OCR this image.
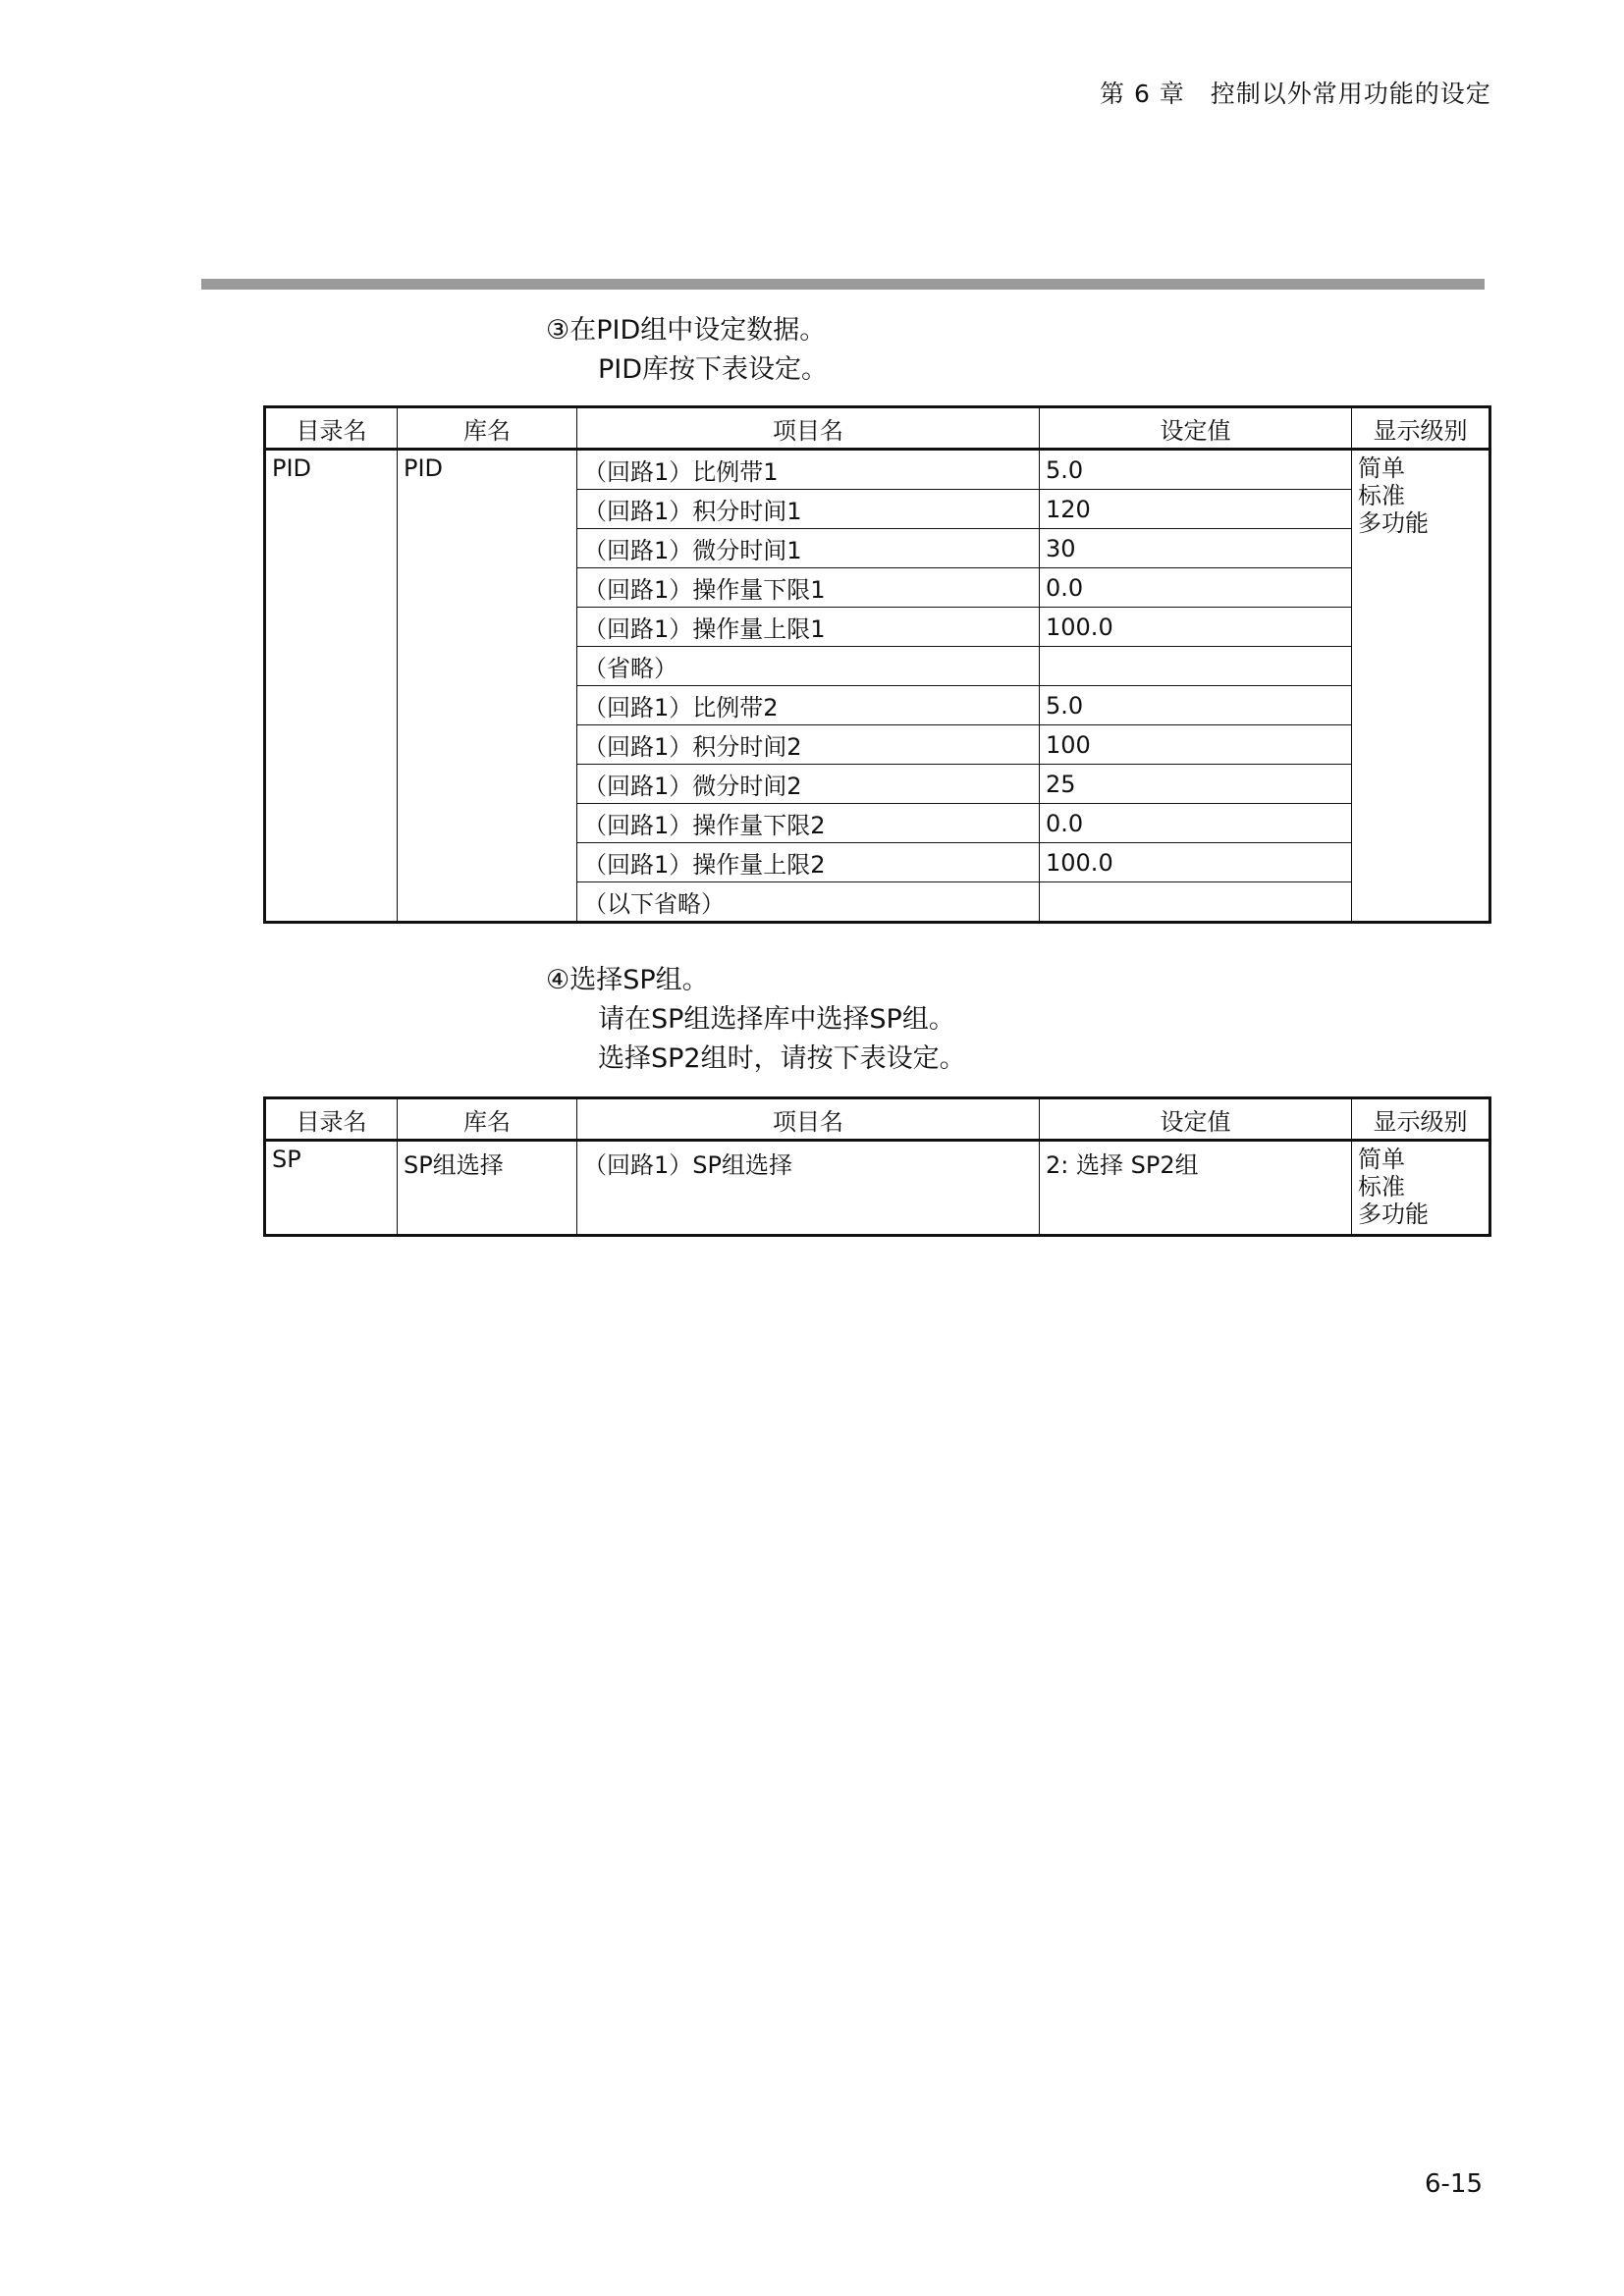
第 6 章　控制以外常用功能的设定
③在PID组中设定数据。
PID库按下表设定。
目录名	库名	项目名	设定值	显示级别
PID	PID	（回路1）比例带1	5.0	简单
标准
多功能

		（回路1）积分时间1	120	
		（回路1）微分时间1	30	
		（回路1）操作量下限1	0.0	
		（回路1）操作量上限1	100.0	
		（省略）		
		（回路1）比例带2	5.0	
		（回路1）积分时间2	100	
		（回路1）微分时间2	25	
		（回路1）操作量下限2	0.0	
		（回路1）操作量上限2	100.0	
		（以下省略）		
④选择SP组。
请在SP组选择库中选择SP组。
选择SP2组时，请按下表设定。
目录名	库名	项目名	设定值	显示级别
SP	SP组选择	（回路1）SP组选择	2: 选择 SP2组	简单
标准
多功能
6-15
